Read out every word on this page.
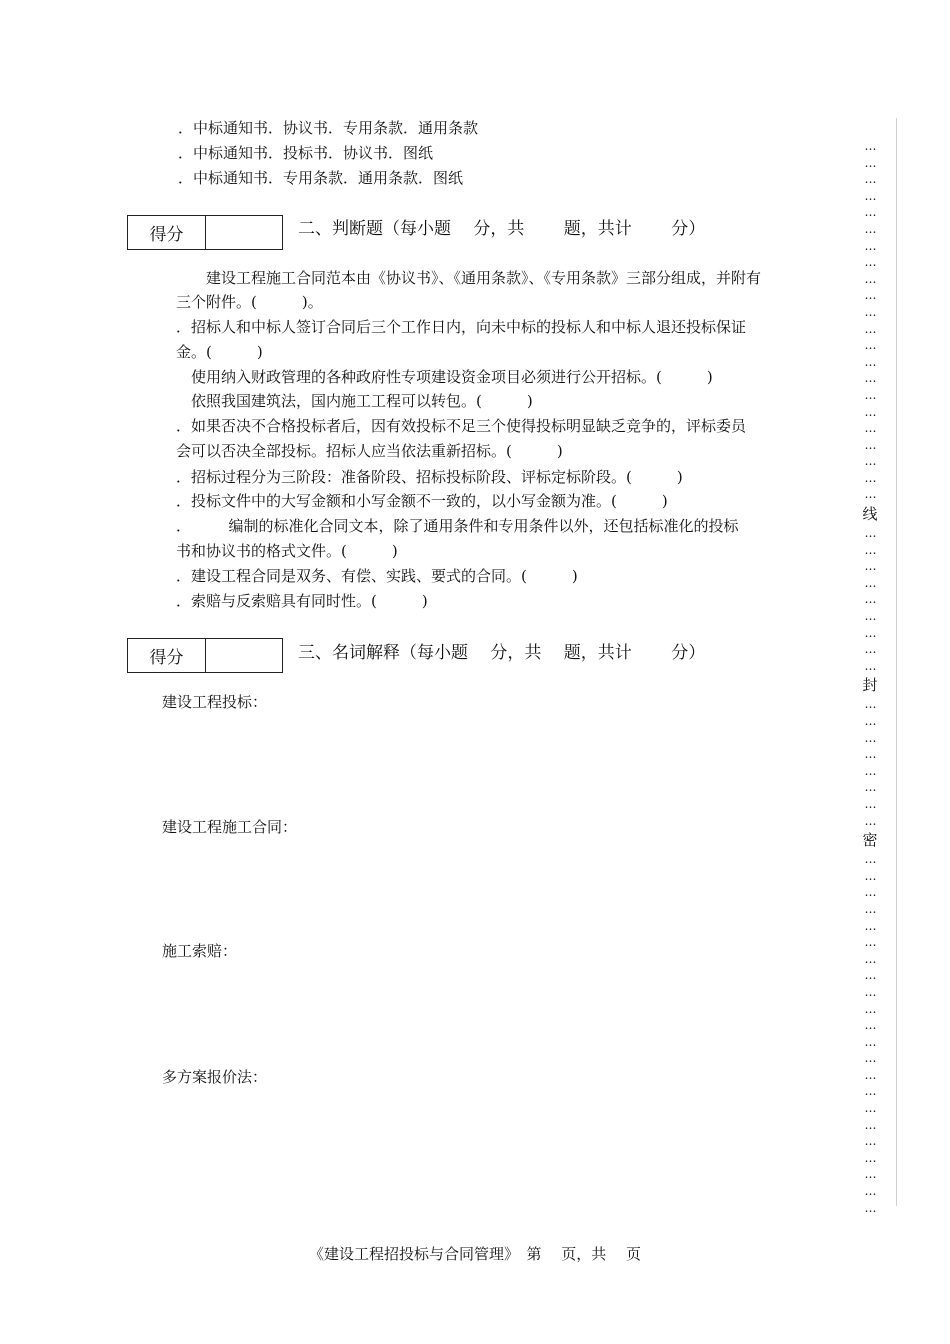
．中标通知书．协议书．专用条款．通用条款
．中标通知书．投标书．协议书．图纸
．中标通知书．专用条款．通用条款．图纸
得分	二、判断题（每小题　 分，共　 　题，共计　　 分）
　　建设工程施工合同范本由《协议书》、《通用条款》、《专用条款》三部分组成，并附有
三个附件。(　　　)。
．招标人和中标人签订合同后三个工作日内，向未中标的投标人和中标人退还投标保证
金。(　　　)
　使用纳入财政管理的各种政府性专项建设资金项目必须进行公开招标。(　　　)
　依照我国建筑法，国内施工工程可以转包。(　　　)
．如果否决不合格投标者后，因有效投标不足三个使得投标明显缺乏竞争的，评标委员
会可以否决全部投标。招标人应当依法重新招标。(　　　)
．招标过程分为三阶段：准备阶段、招标投标阶段、评标定标阶段。(　　　)
．投标文件中的大写金额和小写金额不一致的，以小写金额为准。(　　　)
．　　　编制的标准化合同文本，除了通用条件和专用条件以外，还包括标准化的投标
书和协议书的格式文件。(　　　)
．建设工程合同是双务、有偿、实践、要式的合同。(　　　)
．索赔与反索赔具有同时性。(　　　)
得分	三、名词解释（每小题　 分，共　 题，共计　　 分）
建设工程投标：
建设工程施工合同：
施工索赔：
多方案报价法：
…
…
…
…
…
…
…
…
…
…
…
…
…
…
…
…
…
…
…
…
…
…
线
…
…
…
…
…
…
…
…
…
封
…
…
…
…
…
…
…
…
密
…
…
…
…
…
…
…
…
…
…
…
…
…
…
…
…
…
…
…
…
…
…
《建设工程招投标与合同管理》　第　 页，共　 页
